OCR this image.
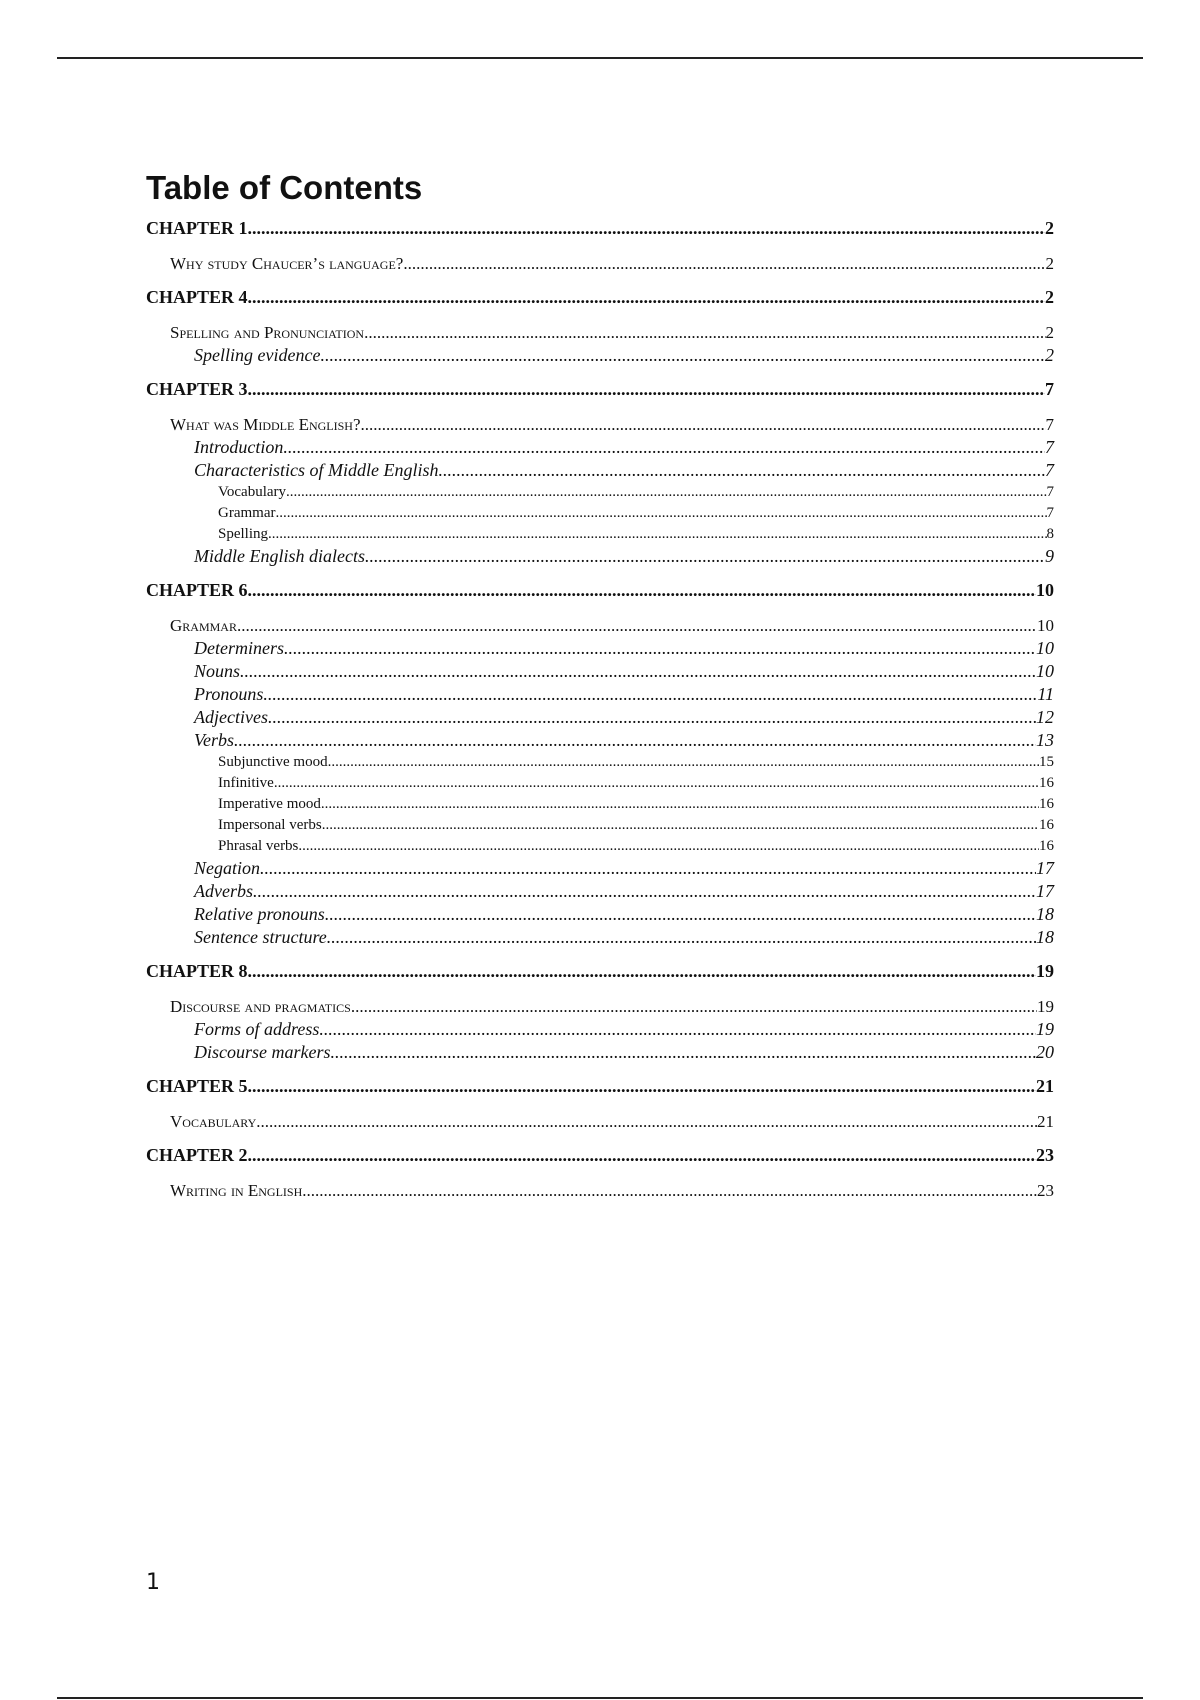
Table of Contents
CHAPTER 1 .....	2
Why study Chaucer’s language? .....	2
CHAPTER 4 .....	2
Spelling and Pronunciation .....	2
Spelling evidence .....	2
CHAPTER 3 .....	7
What was Middle English? .....	7
Introduction .....	7
Characteristics of Middle English .....	7
Vocabulary .....	7
Grammar .....	7
Spelling .....	8
Middle English dialects .....	9
CHAPTER 6 .....	10
Grammar .....	10
Determiners .....	10
Nouns .....	10
Pronouns .....	11
Adjectives .....	12
Verbs .....	13
Subjunctive mood .....	15
Infinitive .....	16
Imperative mood .....	16
Impersonal verbs .....	16
Phrasal verbs .....	16
Negation .....	17
Adverbs .....	17
Relative pronouns .....	18
Sentence structure .....	18
CHAPTER 8 .....	19
Discourse and pragmatics .....	19
Forms of address .....	19
Discourse markers .....	20
CHAPTER 5 .....	21
Vocabulary .....	21
CHAPTER 2 .....	23
Writing in English .....	23
1
